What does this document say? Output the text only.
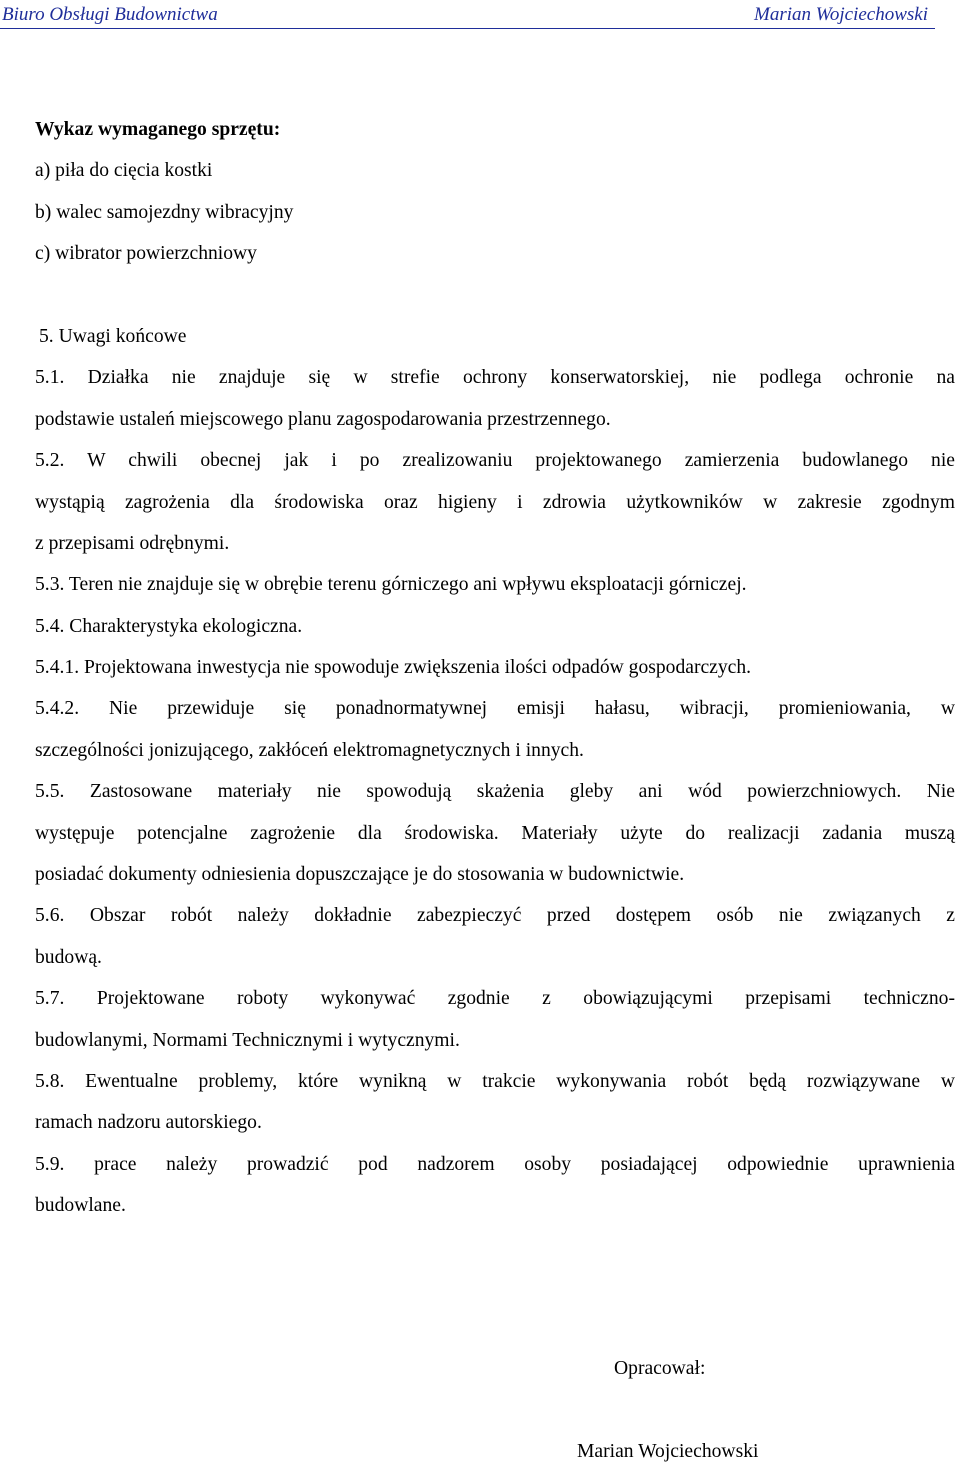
Biuro Obsługi Budownictwa	Marian Wojciechowski
Wykaz wymaganego sprzętu:
a) piła do cięcia kostki
b) walec samojezdny wibracyjny
c) wibrator powierzchniowy
5. Uwagi końcowe
5.1. Działka nie znajduje się w strefie ochrony konserwatorskiej, nie podlega ochronie na
podstawie ustaleń miejscowego planu zagospodarowania przestrzennego.
5.2. W chwili obecnej jak i po zrealizowaniu projektowanego zamierzenia budowlanego nie
wystąpią zagrożenia dla środowiska oraz higieny i zdrowia użytkowników w zakresie zgodnym
z przepisami odrębnymi.
5.3. Teren nie znajduje się w obrębie terenu górniczego ani wpływu eksploatacji górniczej.
5.4. Charakterystyka ekologiczna.
5.4.1. Projektowana inwestycja nie spowoduje zwiększenia ilości odpadów gospodarczych.
5.4.2. Nie przewiduje się ponadnormatywnej emisji hałasu, wibracji, promieniowania, w
szczególności jonizującego, zakłóceń elektromagnetycznych i innych.
5.5. Zastosowane materiały nie spowodują skażenia gleby ani wód powierzchniowych. Nie
występuje potencjalne zagrożenie dla środowiska. Materiały użyte do realizacji zadania muszą
posiadać dokumenty odniesienia dopuszczające je do stosowania w budownictwie.
5.6. Obszar robót należy dokładnie zabezpieczyć przed dostępem osób nie związanych z
budową.
5.7. Projektowane roboty wykonywać zgodnie z obowiązującymi przepisami techniczno-
budowlanymi, Normami Technicznymi i wytycznymi.
5.8. Ewentualne problemy, które wynikną w trakcie wykonywania robót będą rozwiązywane w
ramach nadzoru autorskiego.
5.9. prace należy prowadzić pod nadzorem osoby posiadającej odpowiednie uprawnienia
budowlane.
Opracował:
Marian Wojciechowski
